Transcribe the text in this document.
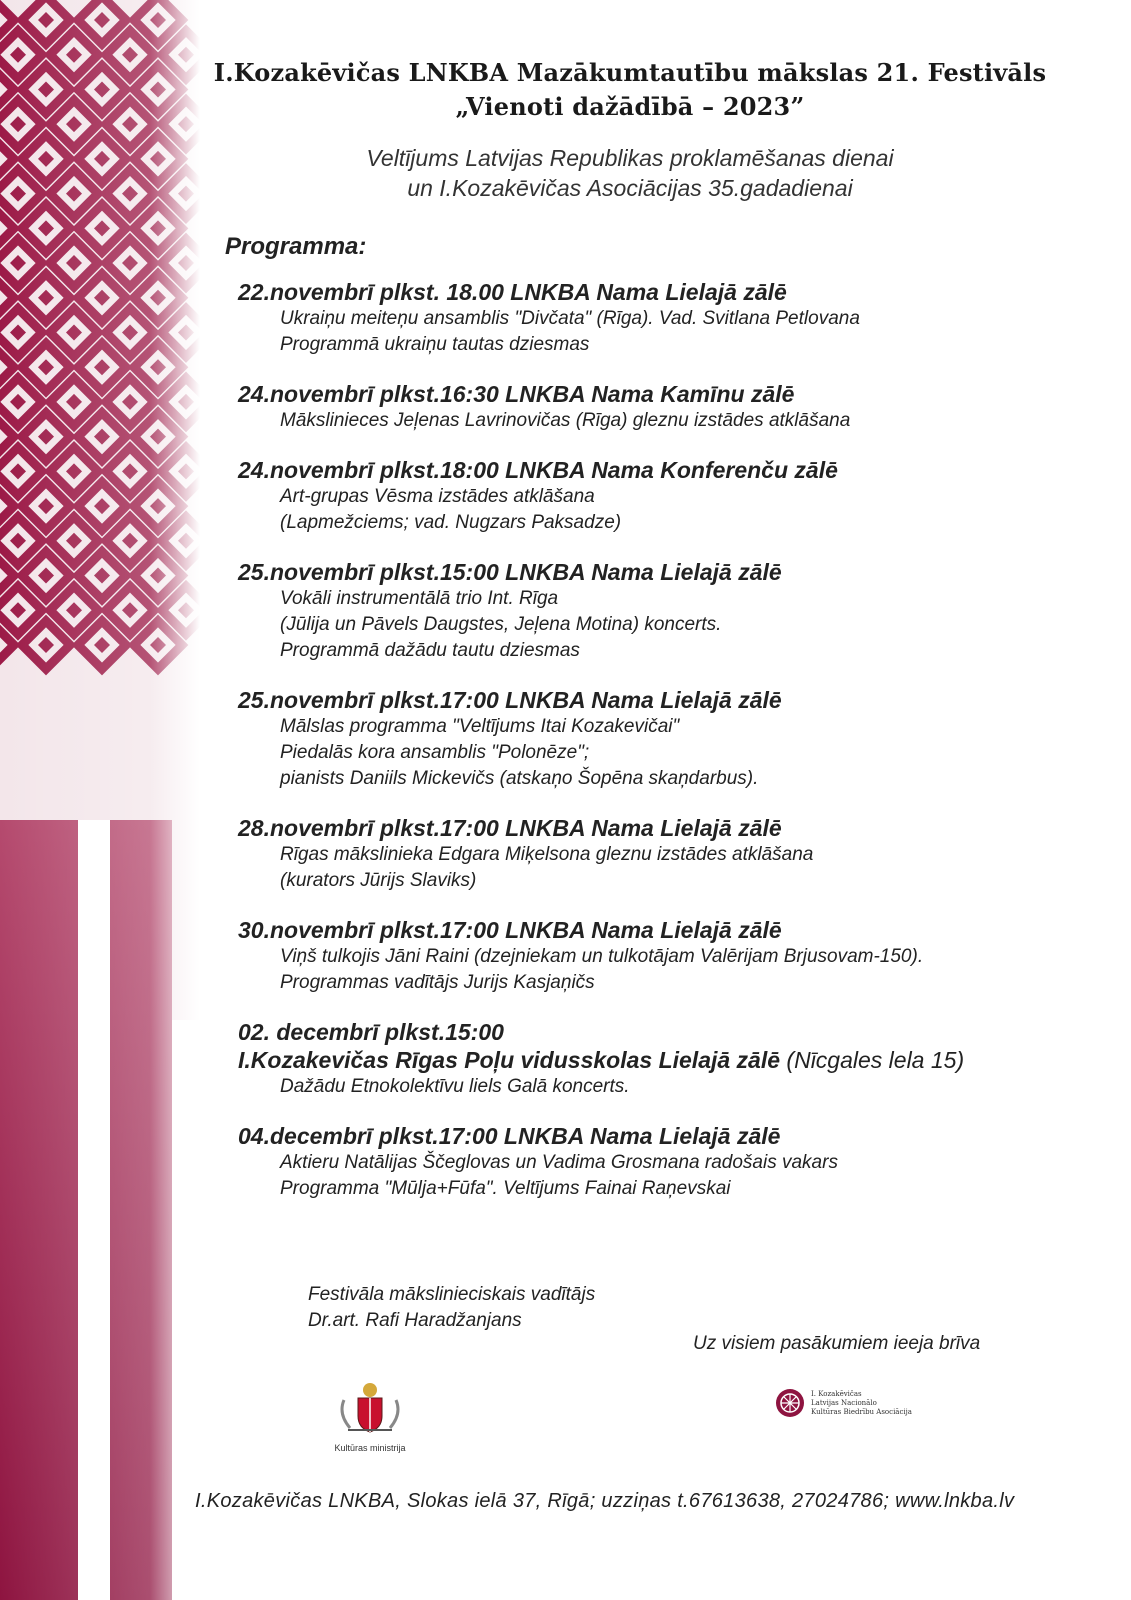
I.Kozakēvičas LNKBA Mazākumtautību mākslas 21. Festivāls
„Vienoti dažādībā – 2023”
Veltījums Latvijas Republikas proklamēšanas dienai
un I.Kozakēvičas Asociācijas 35.gadadienai
Programma:
22.novembrī plkst. 18.00 LNKBA Nama Lielajā zālē
Ukraiņu meiteņu ansamblis "Divčata" (Rīga). Vad. Svitlana Petlovana
Programmā ukraiņu tautas dziesmas
24.novembrī plkst.16:30 LNKBA Nama Kamīnu zālē
Mākslinieces Jeļenas Lavrinovičas (Rīga) gleznu izstādes atklāšana
24.novembrī plkst.18:00 LNKBA Nama Konferenču zālē
Art-grupas Vēsma izstādes atklāšana
(Lapmežciems; vad. Nugzars Paksadze)
25.novembrī plkst.15:00 LNKBA Nama Lielajā zālē
Vokāli instrumentālā trio Int. Rīga
(Jūlija un Pāvels Daugstes, Jeļena Motina) koncerts.
Programmā dažādu tautu dziesmas
25.novembrī plkst.17:00 LNKBA Nama Lielajā zālē
Mālslas programma "Veltījums Itai Kozakevičai"
Piedalās kora ansamblis "Polonēze";
pianists Daniils Mickevičs (atskaņo Šopēna skaņdarbus).
28.novembrī plkst.17:00 LNKBA Nama Lielajā zālē
Rīgas mākslinieka Edgara Miķelsona gleznu izstādes atklāšana
(kurators Jūrijs Slaviks)
30.novembrī plkst.17:00 LNKBA Nama Lielajā zālē
Viņš tulkojis Jāni Raini (dzejniekam un tulkotājam Valērijam Brjusovam-150).
Programmas vadītājs Jurijs Kasjaņičs
02. decembrī plkst.15:00
I.Kozakevičas Rīgas Poļu vidusskolas Lielajā zālē (Nīcgales lela 15)
Dažādu Etnokolektīvu liels Galā koncerts.
04.decembrī plkst.17:00 LNKBA Nama Lielajā zālē
Aktieru Natālijas Ščeglovas un Vadima Grosmana radošais vakars
Programma "Mūlja+Fūfa". Veltījums Fainai Raņevskai
Festivāla mākslinieciskais vadītājs
Dr.art. Rafi Haradžanjans
Uz visiem pasākumiem ieeja brīva
Kultūras ministrija
I. Kozakēvičas
Latvijas Nacionālo
Kultūras Biedrību Asociācija
I.Kozakēvičas LNKBA, Slokas ielā 37, Rīgā; uzziņas t.67613638, 27024786; www.lnkba.lv
